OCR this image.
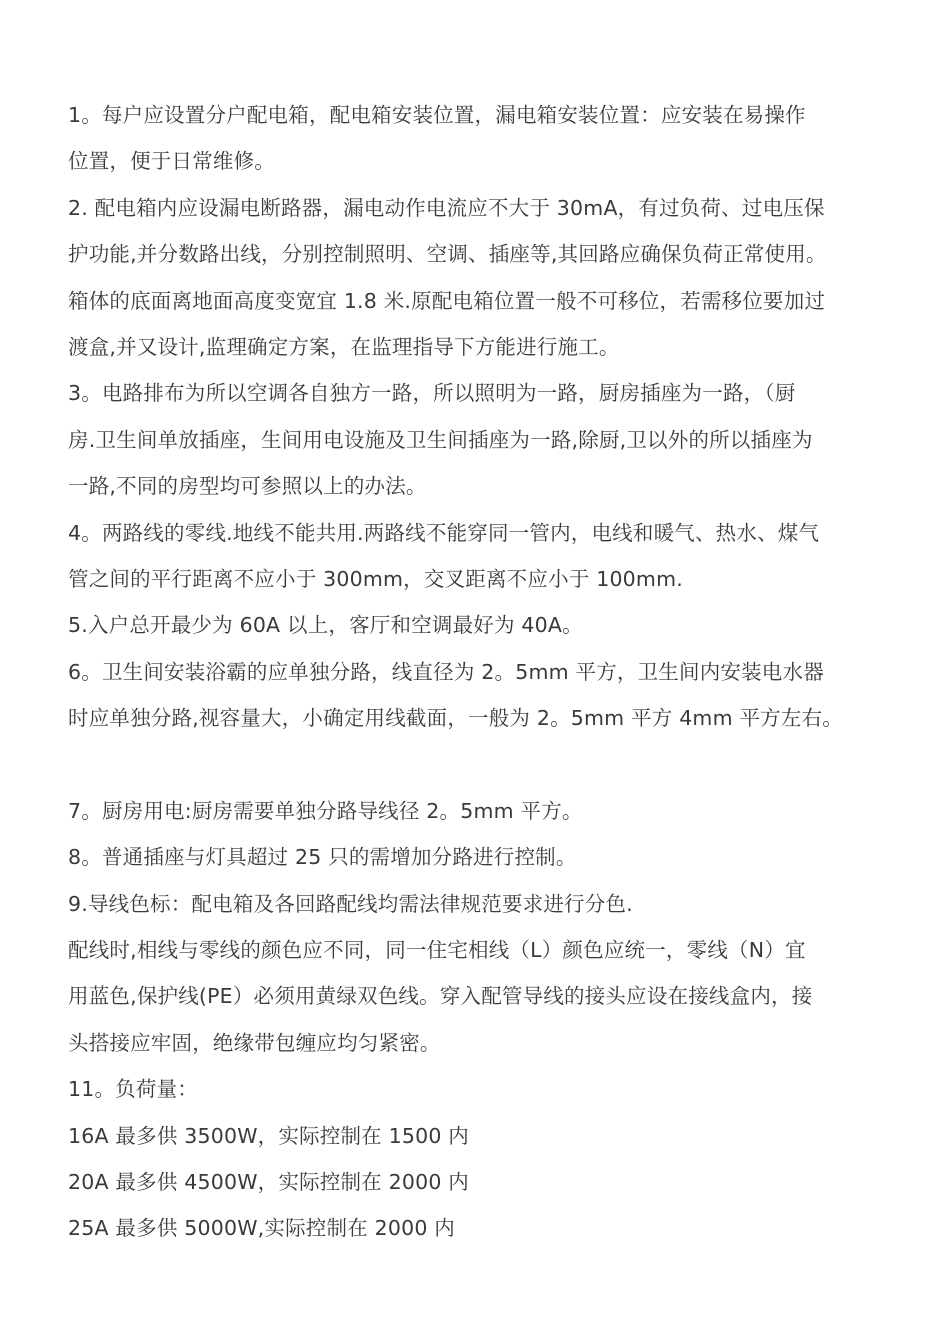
1。每户应设置分户配电箱，配电箱安装位置，漏电箱安装位置：应安装在易操作
位置，便于日常维修。
2. 配电箱内应设漏电断路器，漏电动作电流应不大于 30mA，有过负荷、过电压保
护功能,并分数路出线，分别控制照明、空调、插座等,其回路应确保负荷正常使用。
箱体的底面离地面高度变宽宜 1.8 米.原配电箱位置一般不可移位，若需移位要加过
渡盒,并又设计,监理确定方案，在监理指导下方能进行施工。
3。电路排布为所以空调各自独方一路，所以照明为一路，厨房插座为一路，（厨
房.卫生间单放插座，生间用电设施及卫生间插座为一路,除厨,卫以外的所以插座为
一路,不同的房型均可参照以上的办法。
4。两路线的零线.地线不能共用.两路线不能穿同一管内，电线和暖气、热水、煤气
管之间的平行距离不应小于 300mm，交叉距离不应小于 100mm.
5.入户总开最少为 60A 以上，客厅和空调最好为 40A。
6。卫生间安装浴霸的应单独分路，线直径为 2。5mm 平方，卫生间内安装电水器
时应单独分路,视容量大，小确定用线截面，一般为 2。5mm 平方 4mm 平方左右。
7。厨房用电:厨房需要单独分路导线径 2。5mm 平方。
8。普通插座与灯具超过 25 只的需增加分路进行控制。
9.导线色标：配电箱及各回路配线均需法律规范要求进行分色.
配线时,相线与零线的颜色应不同，同一住宅相线（L）颜色应统一，零线（N）宜
用蓝色,保护线(PE）必须用黄绿双色线。穿入配管导线的接头应设在接线盒内，接
头搭接应牢固，绝缘带包缠应均匀紧密。
11。负荷量：
16A 最多供 3500W，实际控制在 1500 内
20A 最多供 4500W，实际控制在 2000 内
25A 最多供 5000W,实际控制在 2000 内
